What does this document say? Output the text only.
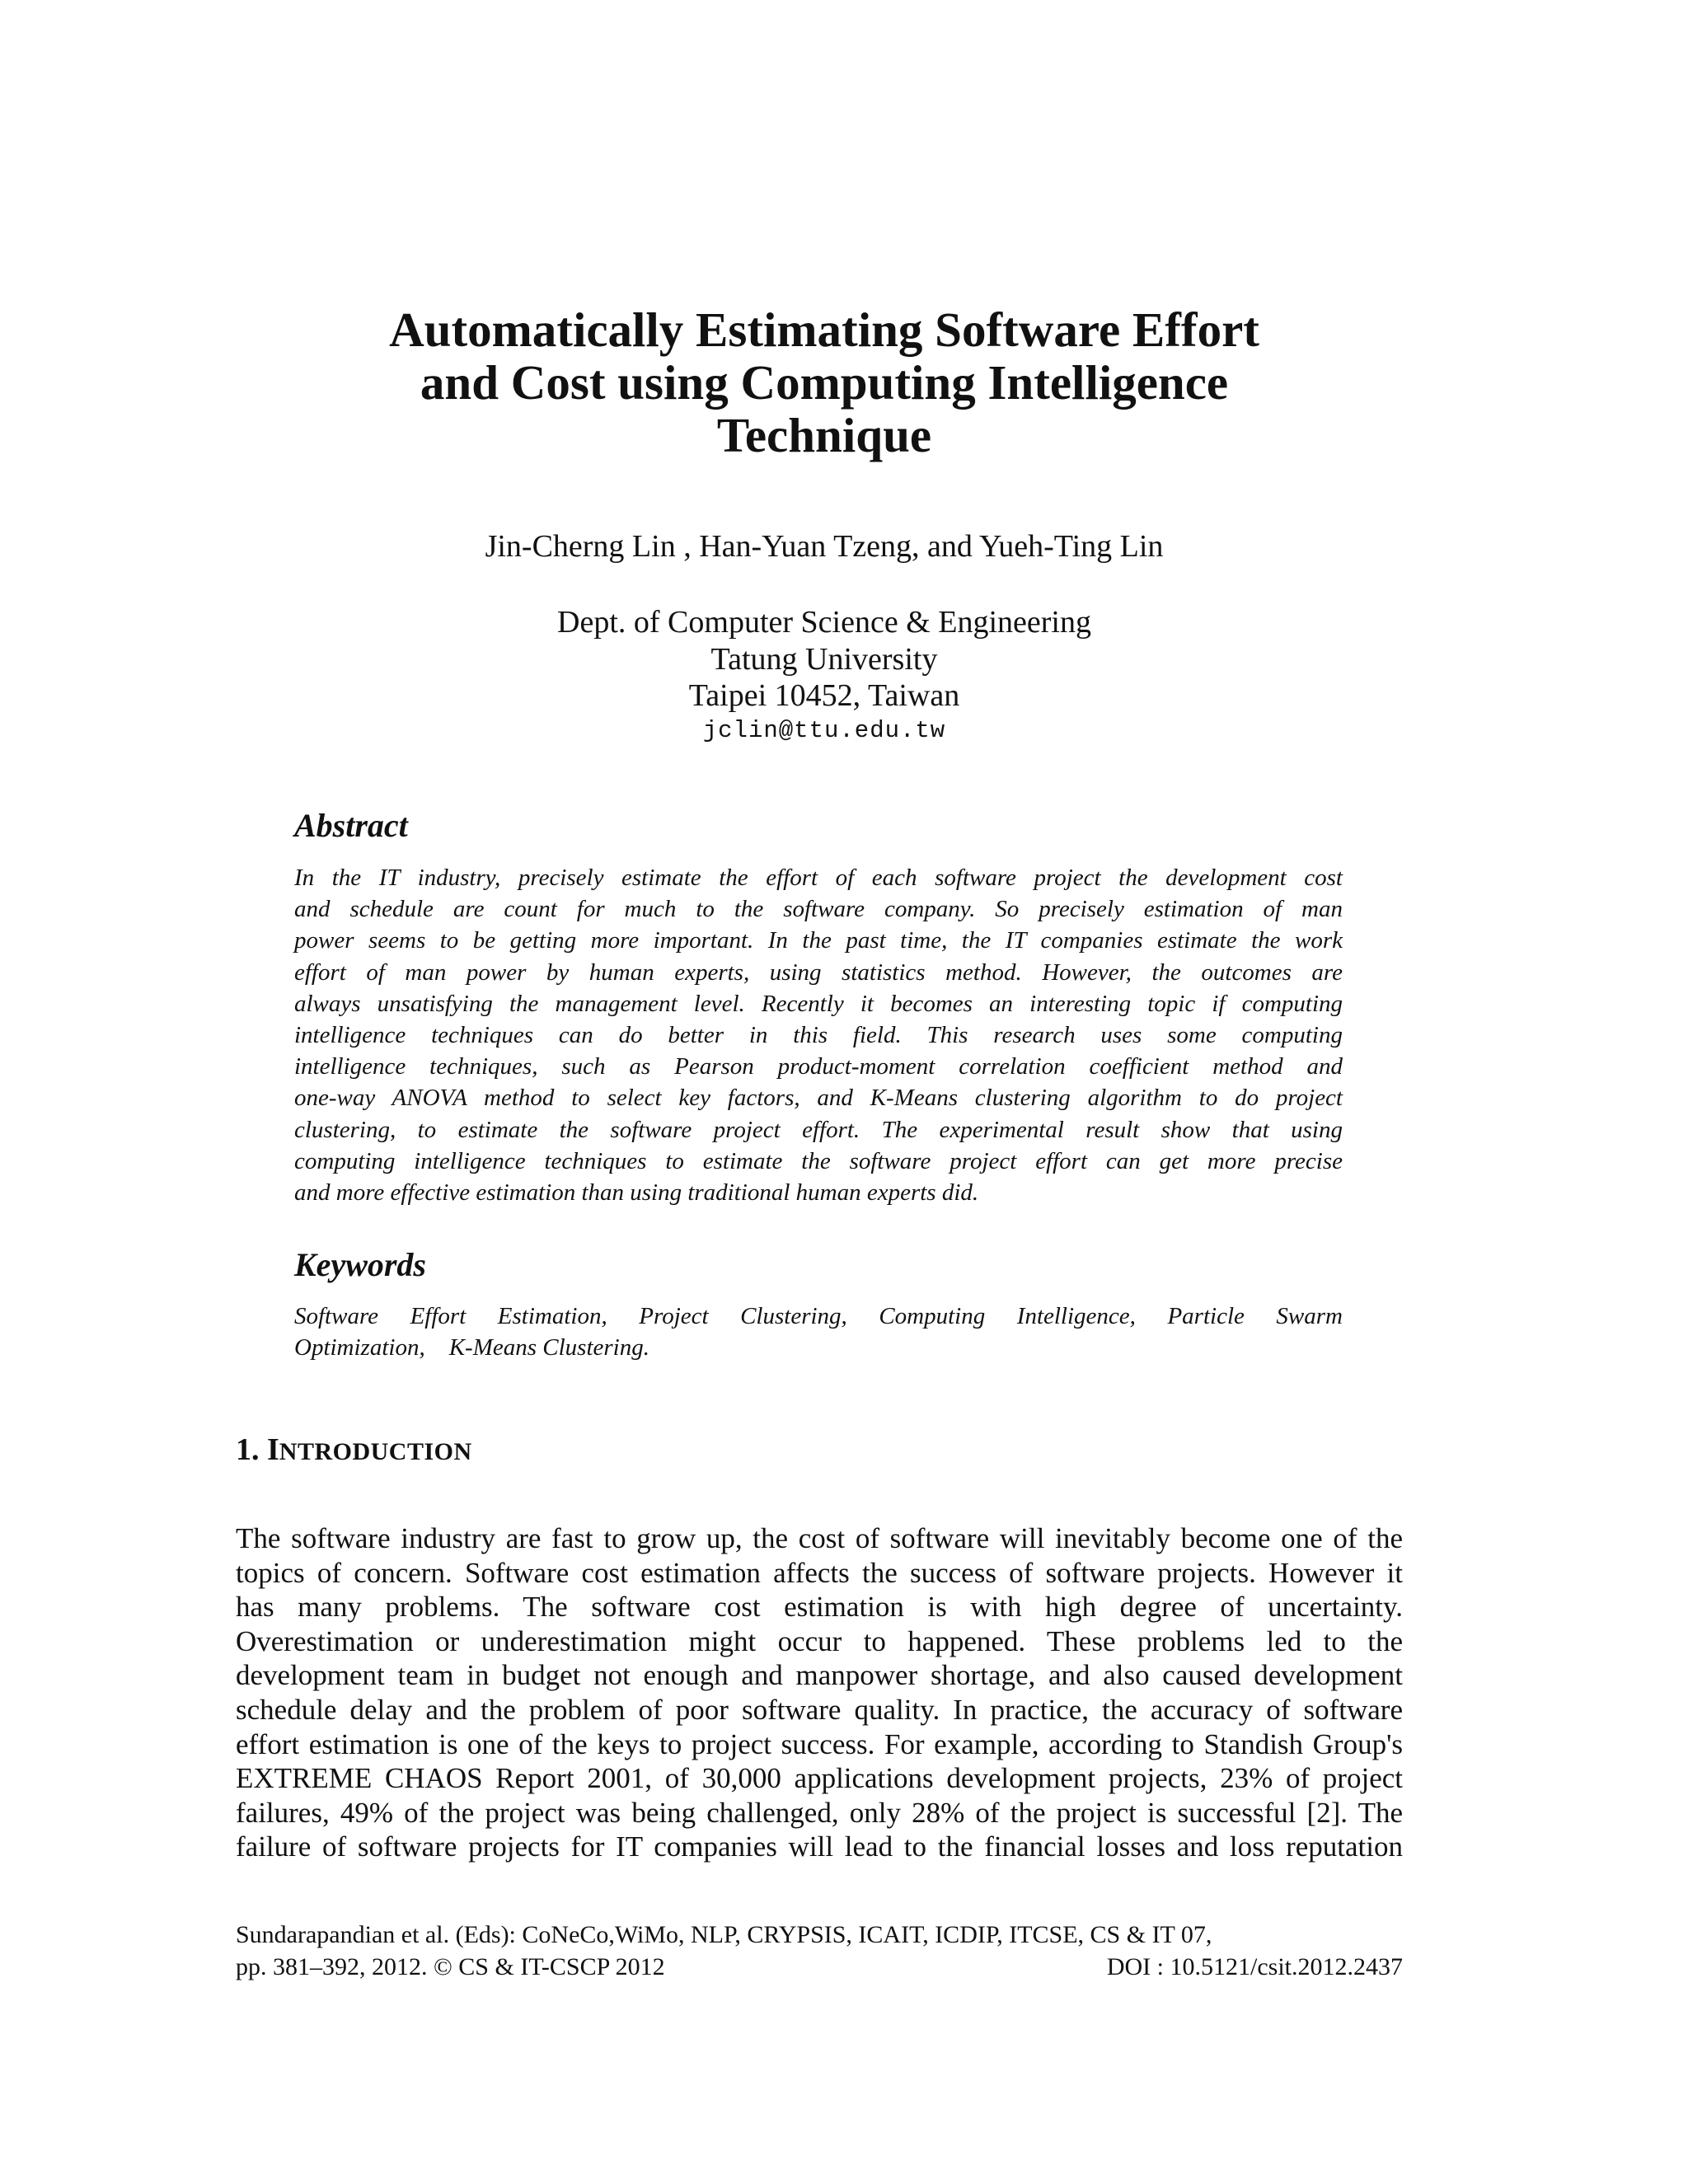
Automatically Estimating Software Effort
and Cost using Computing Intelligence
Technique
Jin-Cherng Lin , Han-Yuan Tzeng, and Yueh-Ting Lin
Dept. of Computer Science & Engineering
Tatung University
Taipei 10452, Taiwan
jclin@ttu.edu.tw
Abstract
In the IT industry, precisely estimate the effort of each software project the development cost
and schedule are count for much to the software company. So precisely estimation of man
power seems to be getting more important. In the past time, the IT companies estimate the work
effort of man power by human experts, using statistics method. However, the outcomes are
always unsatisfying the management level. Recently it becomes an interesting topic if computing
intelligence techniques can do better in this field. This research uses some computing
intelligence techniques, such as Pearson product-moment correlation coefficient method and
one-way ANOVA method to select key factors, and K-Means clustering algorithm to do project
clustering, to estimate the software project effort. The experimental result show that using
computing intelligence techniques to estimate the software project effort can get more precise
and more effective estimation than using traditional human experts did.
Keywords
Software Effort Estimation, Project Clustering, Computing Intelligence, Particle Swarm
Optimization,    K-Means Clustering.
1. INTRODUCTION
The software industry are fast to grow up, the cost of software will inevitably become one of the
topics of concern. Software cost estimation affects the success of software projects. However it
has many problems. The software cost estimation is with high degree of uncertainty.
Overestimation or underestimation might occur to happened. These problems led to the
development team in budget not enough and manpower shortage, and also caused development
schedule delay and the problem of poor software quality. In practice, the accuracy of software
effort estimation is one of the keys to project success. For example, according to Standish Group's
EXTREME CHAOS Report 2001, of 30,000 applications development projects, 23% of project
failures, 49% of the project was being challenged, only 28% of the project is successful [2]. The
failure of software projects for IT companies will lead to the financial losses and loss reputation
Sundarapandian et al. (Eds): CoNeCo,WiMo, NLP, CRYPSIS, ICAIT, ICDIP, ITCSE, CS & IT 07,
pp. 381–392, 2012. © CS & IT-CSCP 2012	DOI : 10.5121/csit.2012.2437
